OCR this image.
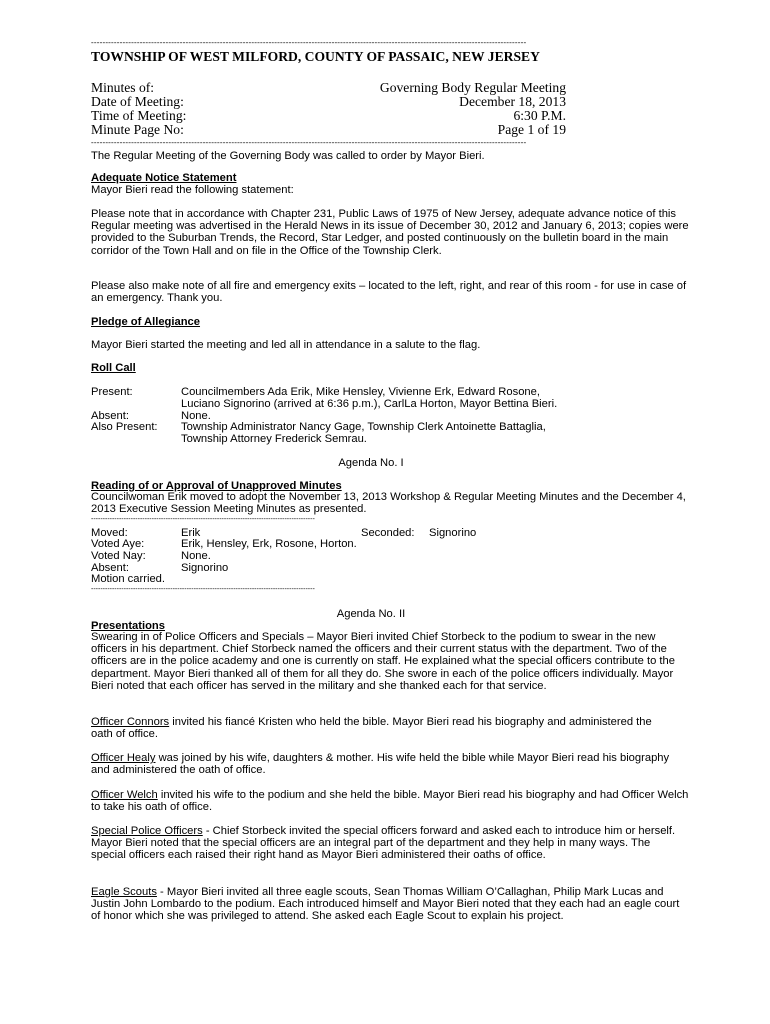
--------------------------------------------------------------------------------------------------------------------------------------------------------
TOWNSHIP OF WEST MILFORD, COUNTY OF PASSAIC, NEW JERSEY
Minutes of:	Governing Body Regular Meeting
Date of Meeting:	December 18, 2013
Time of Meeting:	6:30 P.M.
Minute Page No:	Page 1 of 19
--------------------------------------------------------------------------------------------------------------------------------------------------------
The Regular Meeting of the Governing Body was called to order by Mayor Bieri.
Adequate Notice Statement
Mayor Bieri read the following statement:
Please note that in accordance with Chapter 231, Public Laws of 1975 of New Jersey, adequate advance notice of this Regular meeting was advertised in the Herald News in its issue of December 30, 2012 and January 6, 2013; copies were provided to the Suburban Trends, the Record, Star Ledger, and posted continuously on the bulletin board in the main corridor of the Town Hall and on file in the Office of the Township Clerk.
Please also make note of all fire and emergency exits – located to the left, right, and rear of this room - for use in case of an emergency. Thank you.
Pledge of Allegiance
Mayor Bieri started the meeting and led all in attendance in a salute to the flag.
Roll Call
Present:	Councilmembers Ada Erik, Mike Hensley, Vivienne Erk, Edward Rosone,
Luciano Signorino (arrived at 6:36 p.m.), CarlLa Horton, Mayor Bettina Bieri.
Absent:	None.
Also Present: Township Administrator Nancy Gage, Township Clerk Antoinette Battaglia,
Township Attorney Frederick Semrau.
Agenda No. I
Reading of or Approval of Unapproved Minutes
Councilwoman Erik moved to adopt the November 13, 2013 Workshop & Regular Meeting Minutes and the December 4, 2013 Executive Session Meeting Minutes as presented.
------------------------------------------------------------------------------------------------
Moved:	Erik	Seconded: Signorino
Voted Aye:	Erik, Hensley, Erk, Rosone, Horton.
Voted Nay:	None.
Absent:	Signorino
Motion carried.
------------------------------------------------------------------------------------------------
Agenda No. II
Presentations
Swearing in of Police Officers and Specials – Mayor Bieri invited Chief Storbeck to the podium to swear in the new officers in his department. Chief Storbeck named the officers and their current status with the department. Two of the officers are in the police academy and one is currently on staff. He explained what the special officers contribute to the department. Mayor Bieri thanked all of them for all they do. She swore in each of the police officers individually. Mayor Bieri noted that each officer has served in the military and she thanked each for that service.
Officer Connors invited his fiancé Kristen who held the bible. Mayor Bieri read his biography and administered the oath of office.
Officer Healy was joined by his wife, daughters & mother. His wife held the bible while Mayor Bieri read his biography and administered the oath of office.
Officer Welch invited his wife to the podium and she held the bible. Mayor Bieri read his biography and had Officer Welch to take his oath of office.
Special Police Officers - Chief Storbeck invited the special officers forward and asked each to introduce him or herself. Mayor Bieri noted that the special officers are an integral part of the department and they help in many ways. The special officers each raised their right hand as Mayor Bieri administered their oaths of office.
Eagle Scouts - Mayor Bieri invited all three eagle scouts, Sean Thomas William O’Callaghan, Philip Mark Lucas and Justin John Lombardo to the podium. Each introduced himself and Mayor Bieri noted that they each had an eagle court of honor which she was privileged to attend. She asked each Eagle Scout to explain his project.
